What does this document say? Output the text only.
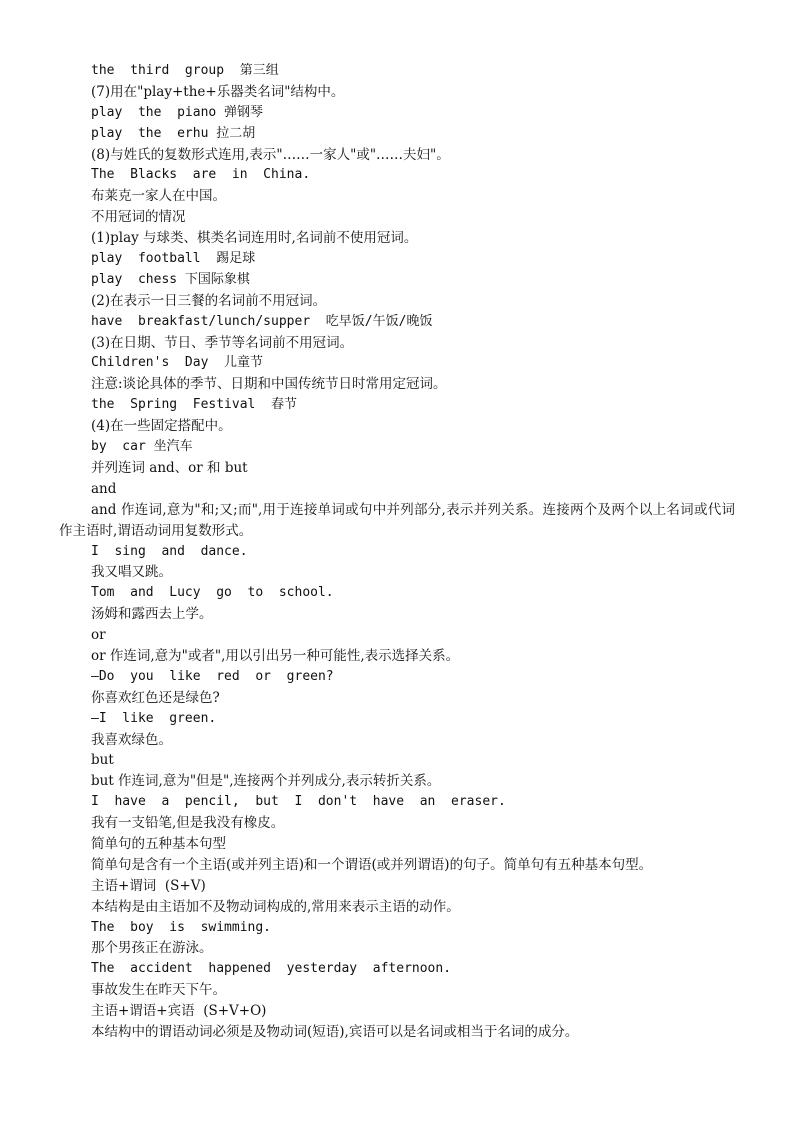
the  third  group  第三组

(7)用在"play+the+乐器类名词"结构中。

play  the  piano 弹钢琴

play  the  erhu 拉二胡

(8)与姓氏的复数形式连用,表示"……一家人"或"……夫妇"。

The  Blacks  are  in  China.

布莱克一家人在中国。

不用冠词的情况

(1)play 与球类、棋类名词连用时,名词前不使用冠词。

play  football  踢足球

play  chess 下国际象棋

(2)在表示一日三餐的名词前不用冠词。

have  breakfast/lunch/supper  吃早饭/午饭/晚饭

(3)在日期、节日、季节等名词前不用冠词。

Children's  Day  儿童节

注意:谈论具体的季节、日期和中国传统节日时常用定冠词。

the  Spring  Festival  春节

(4)在一些固定搭配中。

by  car 坐汽车

并列连词 and、or 和 but

and

and 作连词,意为"和;又;而",用于连接单词或句中并列部分,表示并列关系。连接两个及两个以上名词或代词作主语时,谓语动词用复数形式。

I  sing  and  dance.

我又唱又跳。

Tom  and  Lucy  go  to  school.

汤姆和露西去上学。

or

or 作连词,意为"或者",用以引出另一种可能性,表示选择关系。

—Do  you  like  red  or  green?

你喜欢红色还是绿色?

—I  like  green.

我喜欢绿色。

but

but 作连词,意为"但是",连接两个并列成分,表示转折关系。

I  have  a  pencil,  but  I  don't  have  an  eraser.

我有一支铅笔,但是我没有橡皮。

简单句的五种基本句型

简单句是含有一个主语(或并列主语)和一个谓语(或并列谓语)的句子。简单句有五种基本句型。

主语+谓词  (S+V)

本结构是由主语加不及物动词构成的,常用来表示主语的动作。

The  boy  is  swimming.

那个男孩正在游泳。

The  accident  happened  yesterday  afternoon.

事故发生在昨天下午。

主语+谓语+宾语  (S+V+O)

本结构中的谓语动词必须是及物动词(短语),宾语可以是名词或相当于名词的成分。
